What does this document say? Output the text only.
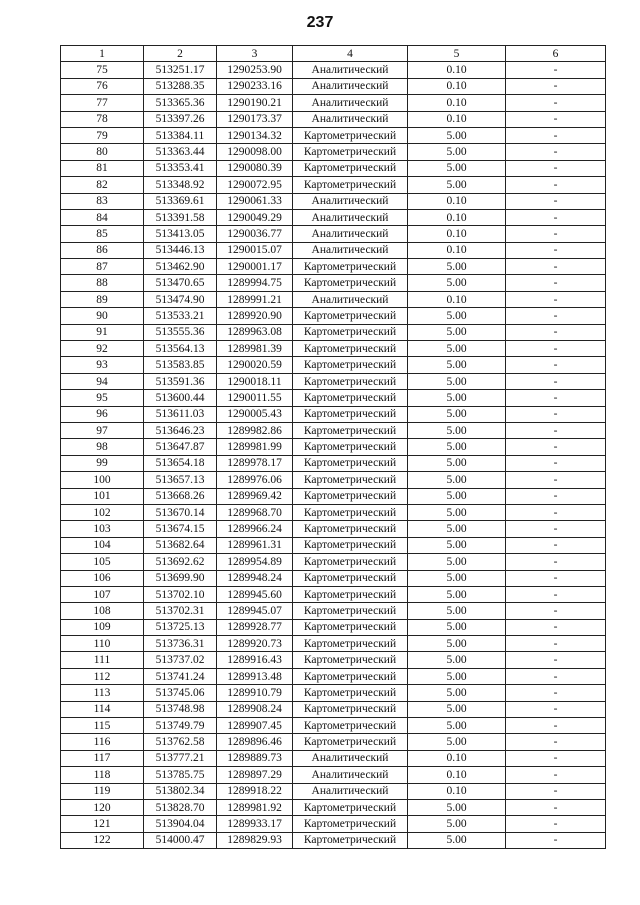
237
1	2	3	4	5	6
75	513251.17	1290253.90	Аналитический	0.10	-
76	513288.35	1290233.16	Аналитический	0.10	-
77	513365.36	1290190.21	Аналитический	0.10	-
78	513397.26	1290173.37	Аналитический	0.10	-
79	513384.11	1290134.32	Картометрический	5.00	-
80	513363.44	1290098.00	Картометрический	5.00	-
81	513353.41	1290080.39	Картометрический	5.00	-
82	513348.92	1290072.95	Картометрический	5.00	-
83	513369.61	1290061.33	Аналитический	0.10	-
84	513391.58	1290049.29	Аналитический	0.10	-
85	513413.05	1290036.77	Аналитический	0.10	-
86	513446.13	1290015.07	Аналитический	0.10	-
87	513462.90	1290001.17	Картометрический	5.00	-
88	513470.65	1289994.75	Картометрический	5.00	-
89	513474.90	1289991.21	Аналитический	0.10	-
90	513533.21	1289920.90	Картометрический	5.00	-
91	513555.36	1289963.08	Картометрический	5.00	-
92	513564.13	1289981.39	Картометрический	5.00	-
93	513583.85	1290020.59	Картометрический	5.00	-
94	513591.36	1290018.11	Картометрический	5.00	-
95	513600.44	1290011.55	Картометрический	5.00	-
96	513611.03	1290005.43	Картометрический	5.00	-
97	513646.23	1289982.86	Картометрический	5.00	-
98	513647.87	1289981.99	Картометрический	5.00	-
99	513654.18	1289978.17	Картометрический	5.00	-
100	513657.13	1289976.06	Картометрический	5.00	-
101	513668.26	1289969.42	Картометрический	5.00	-
102	513670.14	1289968.70	Картометрический	5.00	-
103	513674.15	1289966.24	Картометрический	5.00	-
104	513682.64	1289961.31	Картометрический	5.00	-
105	513692.62	1289954.89	Картометрический	5.00	-
106	513699.90	1289948.24	Картометрический	5.00	-
107	513702.10	1289945.60	Картометрический	5.00	-
108	513702.31	1289945.07	Картометрический	5.00	-
109	513725.13	1289928.77	Картометрический	5.00	-
110	513736.31	1289920.73	Картометрический	5.00	-
111	513737.02	1289916.43	Картометрический	5.00	-
112	513741.24	1289913.48	Картометрический	5.00	-
113	513745.06	1289910.79	Картометрический	5.00	-
114	513748.98	1289908.24	Картометрический	5.00	-
115	513749.79	1289907.45	Картометрический	5.00	-
116	513762.58	1289896.46	Картометрический	5.00	-
117	513777.21	1289889.73	Аналитический	0.10	-
118	513785.75	1289897.29	Аналитический	0.10	-
119	513802.34	1289918.22	Аналитический	0.10	-
120	513828.70	1289981.92	Картометрический	5.00	-
121	513904.04	1289933.17	Картометрический	5.00	-
122	514000.47	1289829.93	Картометрический	5.00	-
